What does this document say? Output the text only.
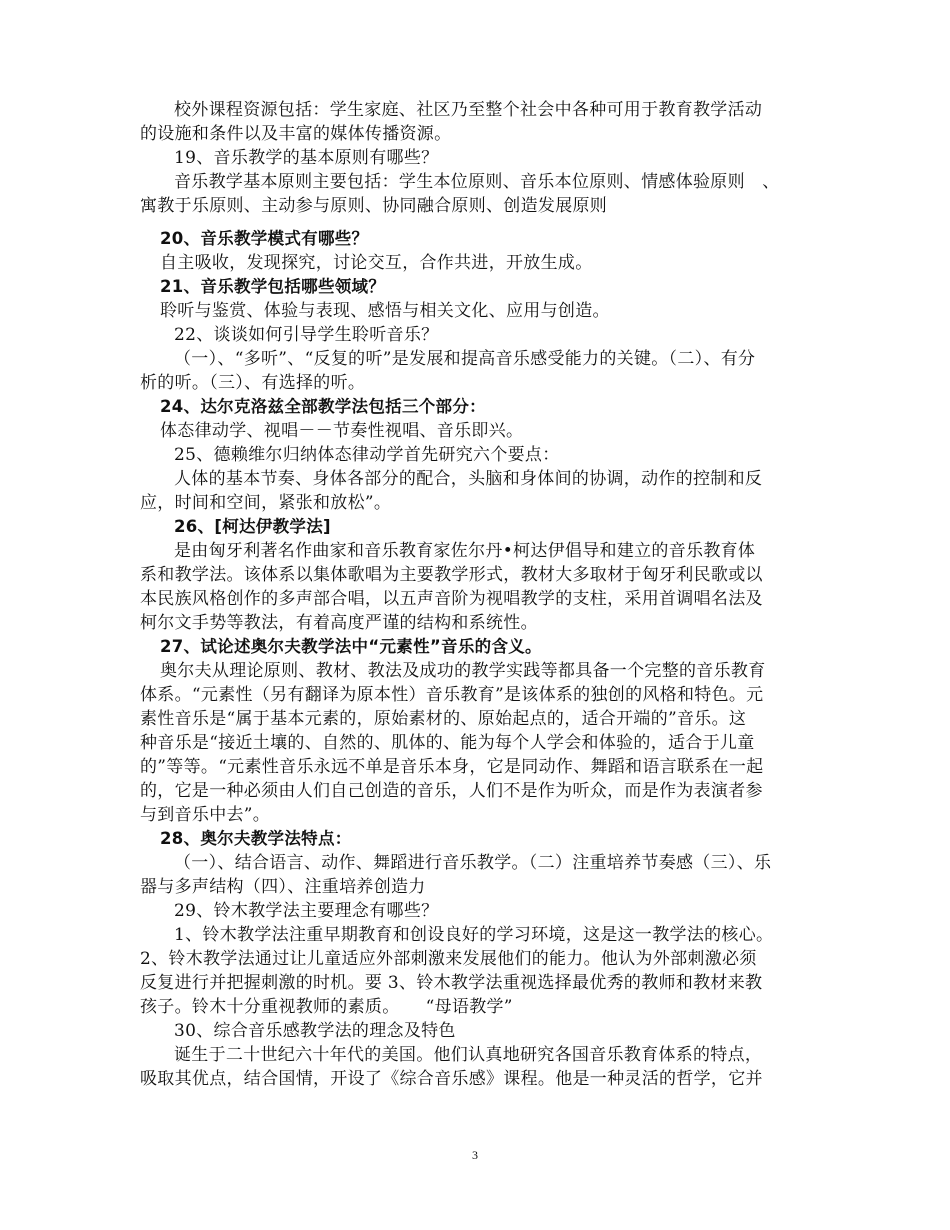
校外课程资源包括：学生家庭、社区乃至整个社会中各种可用于教育教学活动
的设施和条件以及丰富的媒体传播资源。
19、音乐教学的基本原则有哪些？
音乐教学基本原则主要包括：学生本位原则、音乐本位原则、情感体验原则　、
寓教于乐原则、主动参与原则、协同融合原则、创造发展原则
20、音乐教学模式有哪些？
自主吸收，发现探究，讨论交互，合作共进，开放生成。
21、音乐教学包括哪些领域？
聆听与鉴赏、体验与表现、感悟与相关文化、应用与创造。
22、谈谈如何引导学生聆听音乐？
（一）、“多听”、“反复的听”是发展和提高音乐感受能力的关键。（二）、有分
析的听。（三）、有选择的听。
24、达尔克洛兹全部教学法包括三个部分：
体态律动学、视唱－－节奏性视唱、音乐即兴。
25、德赖维尔归纳体态律动学首先研究六个要点：
人体的基本节奏、身体各部分的配合，头脑和身体间的协调，动作的控制和反
应，时间和空间，紧张和放松”。
26、[柯达伊教学法]
是由匈牙利著名作曲家和音乐教育家佐尔丹•柯达伊倡导和建立的音乐教育体
系和教学法。该体系以集体歌唱为主要教学形式，教材大多取材于匈牙利民歌或以
本民族风格创作的多声部合唱，以五声音阶为视唱教学的支柱，采用首调唱名法及
柯尔文手势等教法，有着高度严谨的结构和系统性。
27、试论述奥尔夫教学法中“元素性”音乐的含义。
奥尔夫从理论原则、教材、教法及成功的教学实践等都具备一个完整的音乐教育
体系。“元素性（另有翻译为原本性）音乐教育”是该体系的独创的风格和特色。元
素性音乐是“属于基本元素的，原始素材的、原始起点的，适合开端的”音乐。这
种音乐是“接近土壤的、自然的、肌体的、能为每个人学会和体验的，适合于儿童
的”等等。“元素性音乐永远不单是音乐本身，它是同动作、舞蹈和语言联系在一起
的，它是一种必须由人们自己创造的音乐，人们不是作为听众，而是作为表演者参
与到音乐中去”。
28、奥尔夫教学法特点：
（一）、结合语言、动作、舞蹈进行音乐教学。（二）注重培养节奏感（三）、乐
器与多声结构（四）、注重培养创造力
29、铃木教学法主要理念有哪些？
1、铃木教学法注重早期教育和创设良好的学习环境，这是这一教学法的核心。
2、铃木教学法通过让儿童适应外部刺激来发展他们的能力。他认为外部刺激必须
反复进行并把握刺激的时机。要 3、铃木教学法重视选择最优秀的教师和教材来教
孩子。铃木十分重视教师的素质。　　“母语教学”
30、综合音乐感教学法的理念及特色
诞生于二十世纪六十年代的美国。他们认真地研究各国音乐教育体系的特点，
吸取其优点，结合国情，开设了《综合音乐感》课程。他是一种灵活的哲学，它并
3
